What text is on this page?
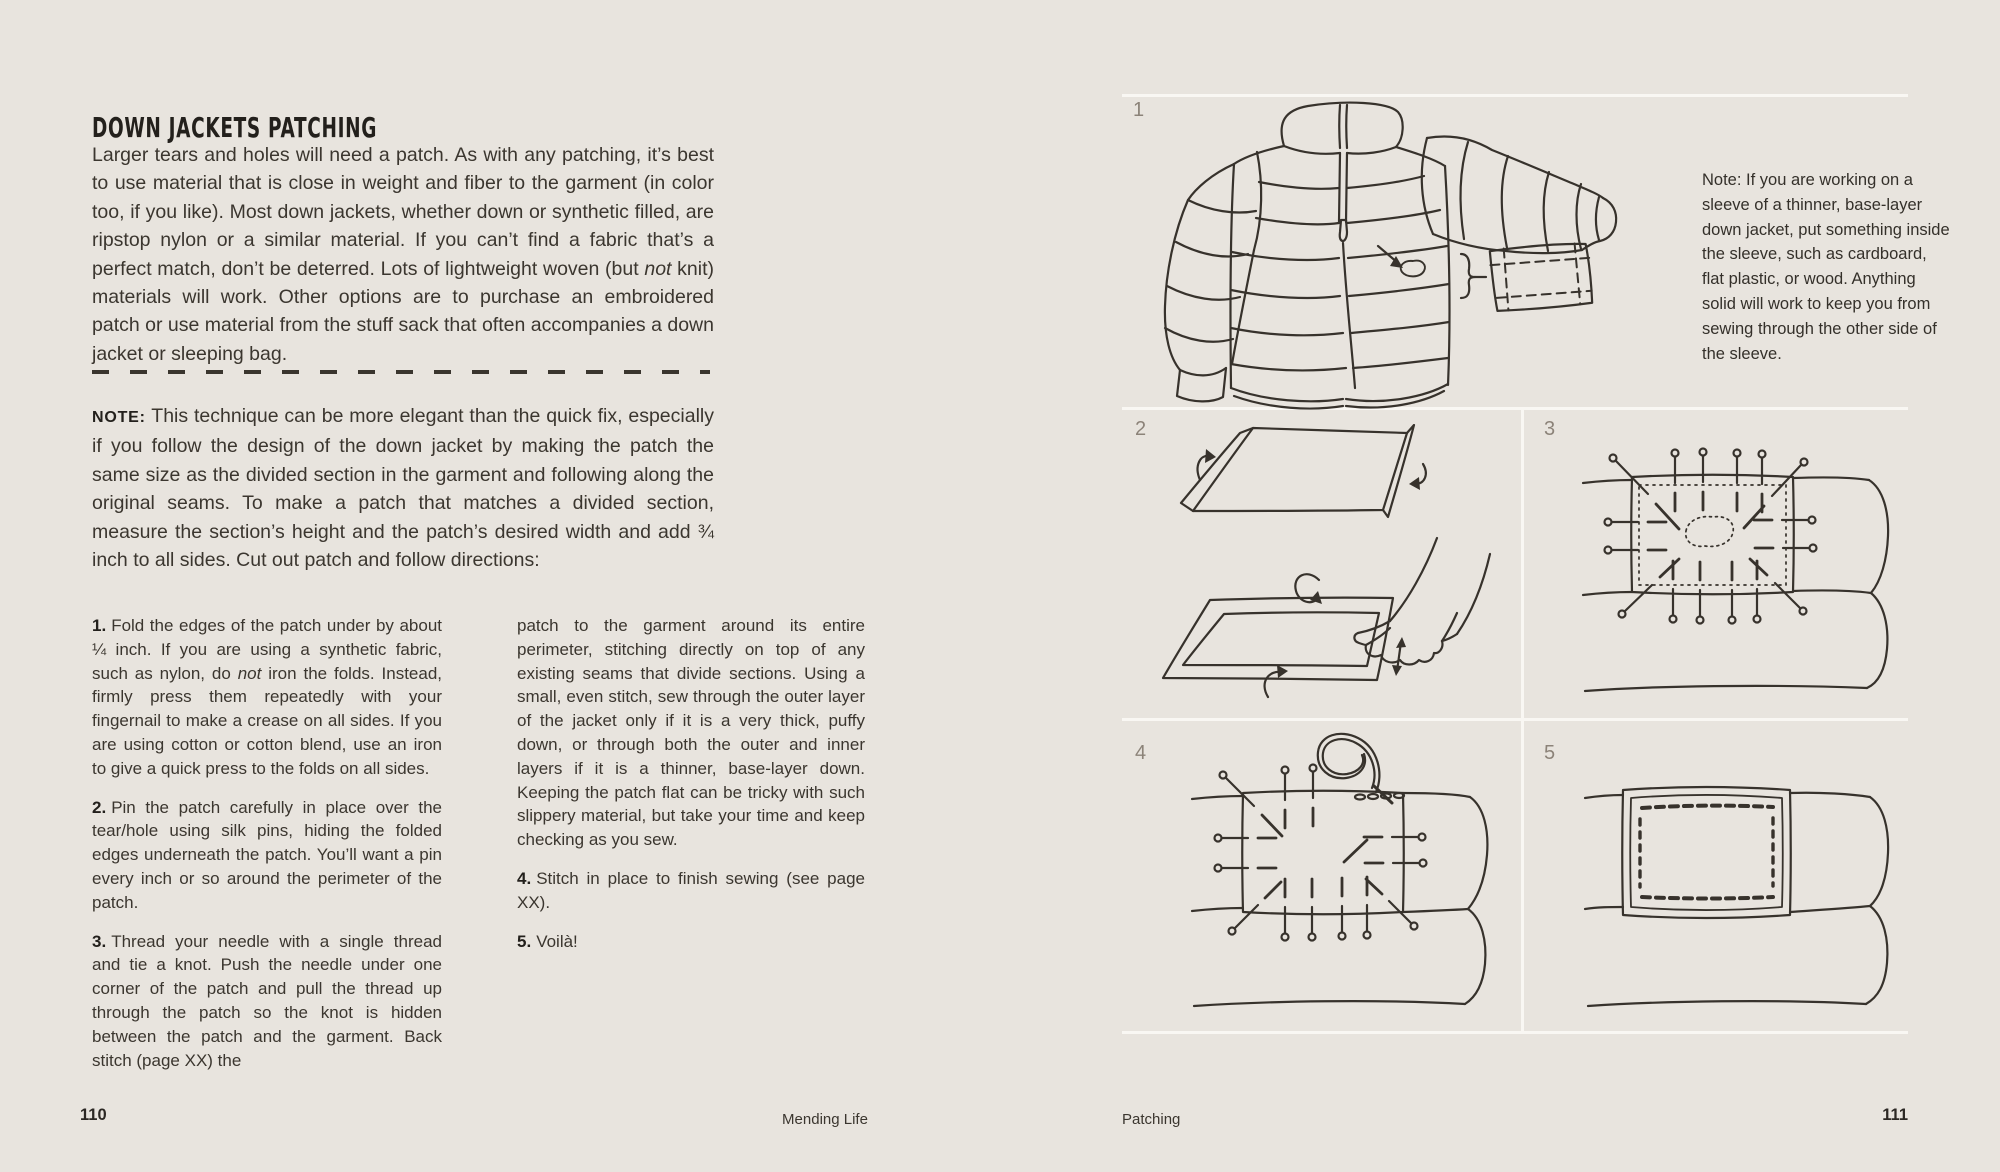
DOWN JACKETS PATCHING

Larger tears and holes will need a patch. As with any patching, it’s best to use material that is close in weight and fiber to the garment (in color too, if you like). Most down jackets, whether down or synthetic filled, are ripstop nylon or a similar material. If you can’t find a fabric that’s a perfect match, don’t be deterred. Lots of lightweight woven (but not knit) materials will work. Other options are to purchase an embroidered patch or use material from the stuff sack that often accompanies a down jacket or sleeping bag.

NOTE: This technique can be more elegant than the quick fix, especially if you follow the design of the down jacket by making the patch the same size as the divided section in the garment and following along the original seams. To make a patch that matches a divided section, measure the section’s height and the patch’s desired width and add ¾ inch to all sides. Cut out patch and follow directions:

1. Fold the edges of the patch under by about ¼ inch. If you are using a synthetic fabric, such as nylon, do not iron the folds. Instead, firmly press them repeatedly with your fingernail to make a crease on all sides. If you are using cotton or cotton blend, use an iron to give a quick press to the folds on all sides.

2. Pin the patch carefully in place over the tear/hole using silk pins, hiding the folded edges underneath the patch. You’ll want a pin every inch or so around the perimeter of the patch.

3. Thread your needle with a single thread and tie a knot. Push the needle under one corner of the patch and pull the thread up through the patch so the knot is hidden between the patch and the garment. Back stitch (page XX) the

patch to the garment around its entire perimeter, stitching directly on top of any existing seams that divide sections. Using a small, even stitch, sew through the outer layer of the jacket only if it is a very thick, puffy down, or through both the outer and inner layers if it is a thinner, base-layer down. Keeping the patch flat can be tricky with such slippery material, but take your time and keep checking as you sew.

4. Stitch in place to finish sewing (see page XX).

5. Voilà!

110	Mending Life
1
2	3
4	5

Note: If you are working on a sleeve of a thinner, base-layer down jacket, put something inside the sleeve, such as cardboard, flat plastic, or wood. Anything solid will work to keep you from sewing through the other side of the sleeve.

Patching	111
